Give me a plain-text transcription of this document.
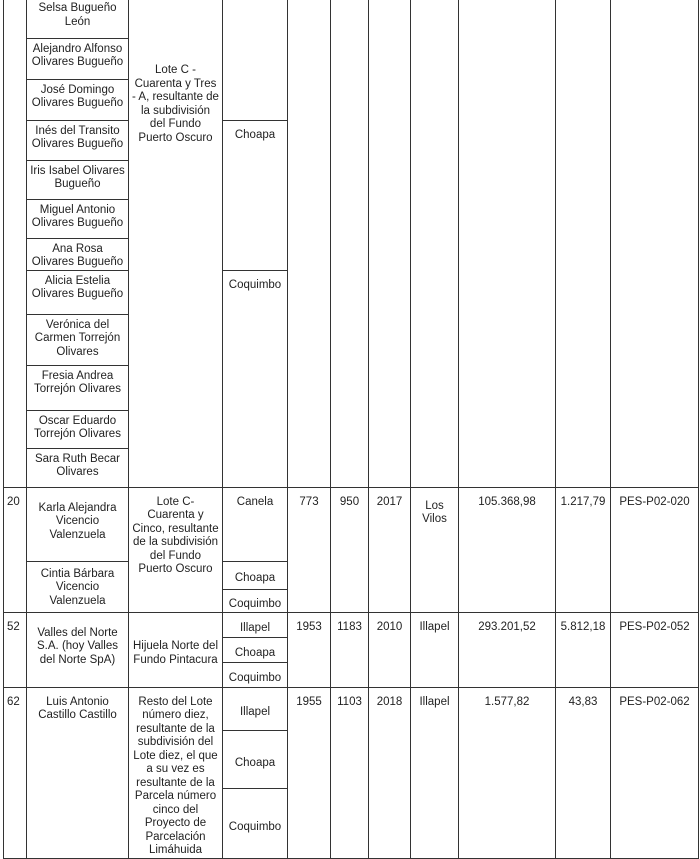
	Selsa Bugueño León	Lote C - Cuarenta y Tres - A, resultante de la subdivisión del Fundo Puerto Oscuro								
	Alejandro Alfonso Olivares Bugueño									
	José Domingo Olivares Bugueño									
	Inés del Transito Olivares Bugueño		Choapa							
	Iris Isabel Olivares Bugueño									
	Miguel Antonio Olivares Bugueño									
	Ana Rosa Olivares Bugueño									
	Alicia Estelia Olivares Bugueño		Coquimbo							
	Verónica del Carmen Torrejón Olivares									
	Fresia Andrea Torrejón Olivares									
	Oscar Eduardo Torrejón Olivares									
	Sara Ruth Becar Olivares									
20	Karla Alejandra Vicencio Valenzuela	Lote C- Cuarenta y Cinco, resultante de la subdivisión del Fundo Puerto Oscuro	Canela	773	950	2017	Los Vilos	105.368,98	1.217,79	PES-P02-020
	Cintia Bárbara Vicencio Valenzuela		Choapa							
			Coquimbo							
52	Valles del Norte S.A. (hoy Valles del Norte SpA)	Hijuela Norte del Fundo Pintacura	Illapel	1953	1183	2010	Illapel	293.201,52	5.812,18	PES-P02-052
			Choapa							
			Coquimbo							
62	Luis Antonio Castillo Castillo	Resto del Lote número diez, resultante de la subdivisión del Lote diez, el que a su vez es resultante de la Parcela número cinco del Proyecto de Parcelación Limáhuida	Illapel	1955	1103	2018	Illapel	1.577,82	43,83	PES-P02-062
			Choapa							
			Coquimbo							
